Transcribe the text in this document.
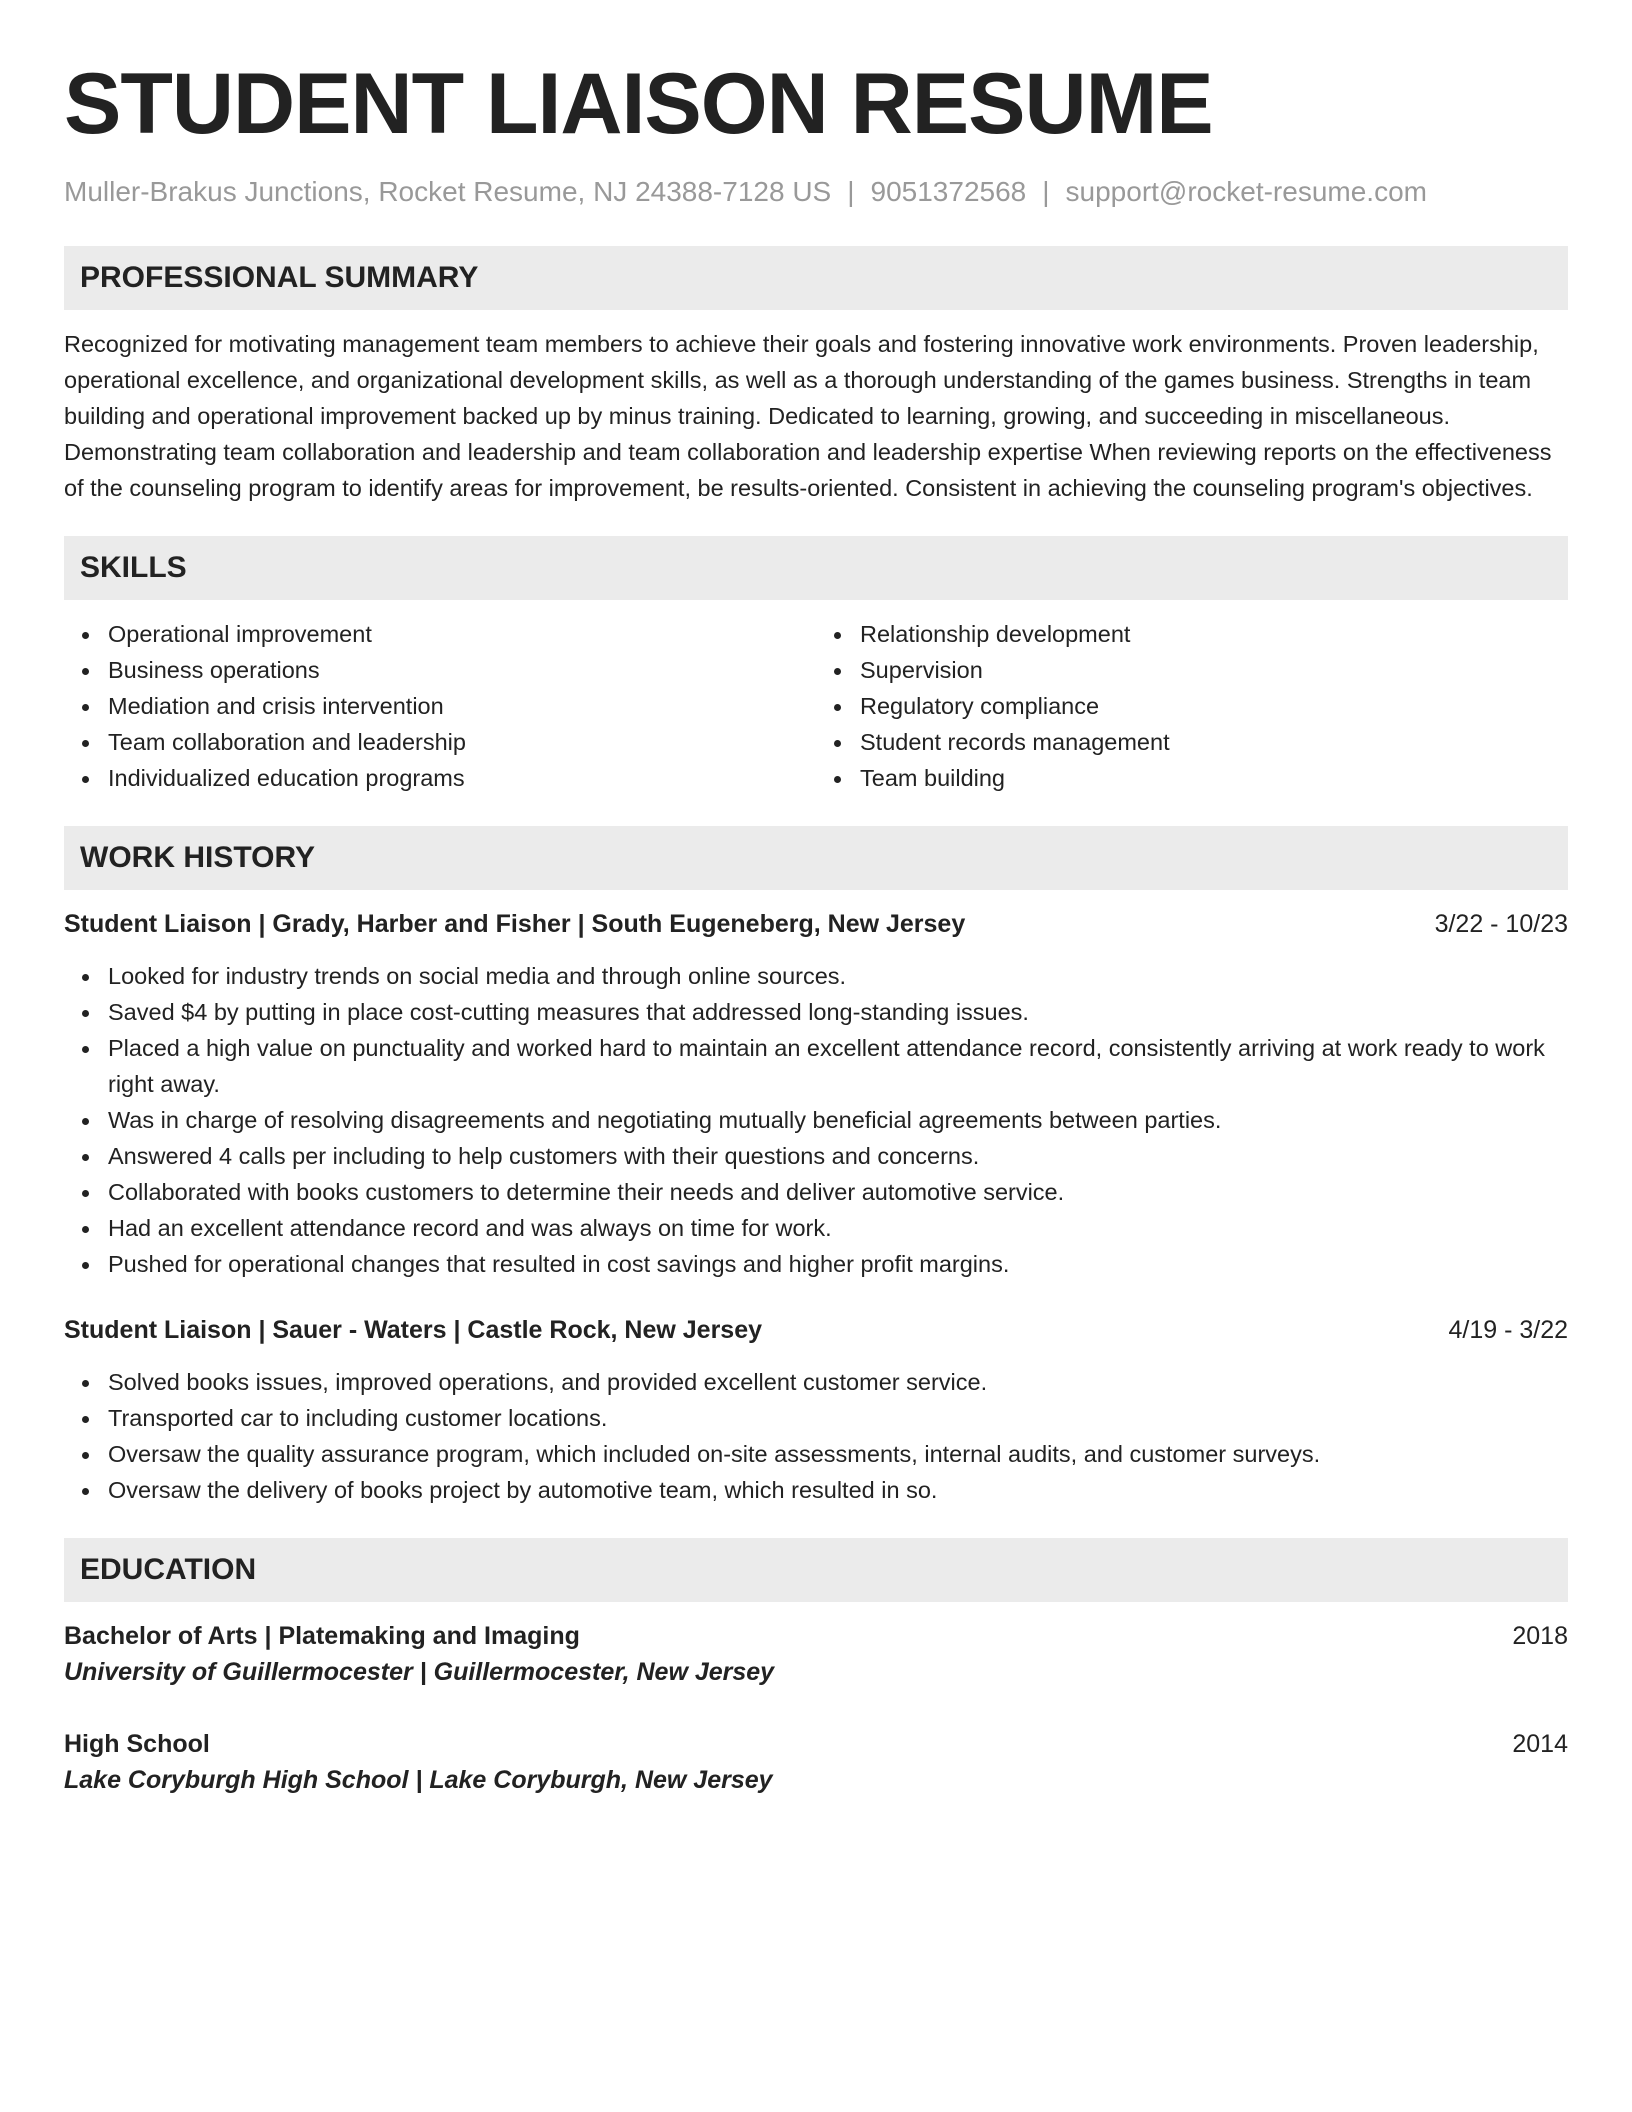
STUDENT LIAISON RESUME
Muller-Brakus Junctions, Rocket Resume, NJ 24388-7128 US | 9051372568 | support@rocket-resume.com
PROFESSIONAL SUMMARY

Recognized for motivating management team members to achieve their goals and fostering innovative work environments. Proven leadership, operational excellence, and organizational development skills, as well as a thorough understanding of the games business. Strengths in team building and operational improvement backed up by minus training. Dedicated to learning, growing, and succeeding in miscellaneous. Demonstrating team collaboration and leadership and team collaboration and leadership expertise When reviewing reports on the effectiveness of the counseling program to identify areas for improvement, be results-oriented. Consistent in achieving the counseling program's objectives.

SKILLS
Operational improvement
Business operations
Mediation and crisis intervention
Team collaboration and leadership
Individualized education programs
Relationship development
Supervision
Regulatory compliance
Student records management
Team building
WORK HISTORY
Student Liaison | Grady, Harber and Fisher | South Eugeneberg, New Jersey	3/22 - 10/23
Looked for industry trends on social media and through online sources.
Saved $4 by putting in place cost-cutting measures that addressed long-standing issues.
Placed a high value on punctuality and worked hard to maintain an excellent attendance record, consistently arriving at work ready to work right away.
Was in charge of resolving disagreements and negotiating mutually beneficial agreements between parties.
Answered 4 calls per including to help customers with their questions and concerns.
Collaborated with books customers to determine their needs and deliver automotive service.
Had an excellent attendance record and was always on time for work.
Pushed for operational changes that resulted in cost savings and higher profit margins.
Student Liaison | Sauer - Waters | Castle Rock, New Jersey	4/19 - 3/22
Solved books issues, improved operations, and provided excellent customer service.
Transported car to including customer locations.
Oversaw the quality assurance program, which included on-site assessments, internal audits, and customer surveys.
Oversaw the delivery of books project by automotive team, which resulted in so.
EDUCATION
Bachelor of Arts | Platemaking and Imaging	2018
University of Guillermocester | Guillermocester, New Jersey
High School	2014
Lake Coryburgh High School | Lake Coryburgh, New Jersey
